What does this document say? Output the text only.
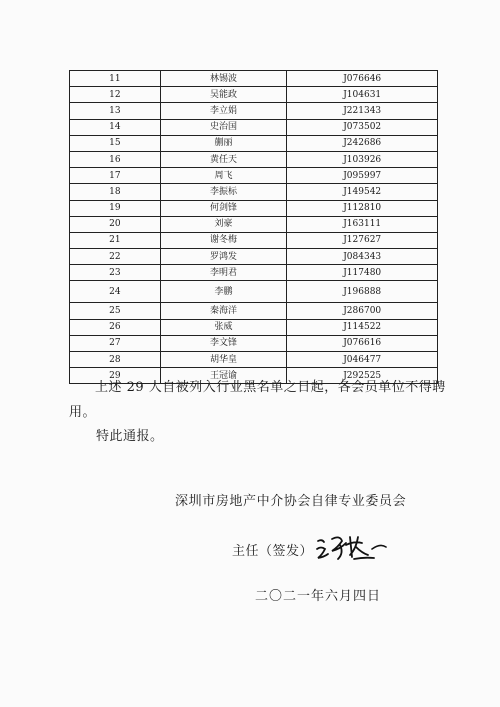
11	林锡波	J076646
12	吴能政	J104631
13	李立娟	J221343
14	史治国	J073502
15	蒯丽	J242686
16	黄任天	J103926
17	周飞	J095997
18	李振标	J149542
19	何剑锋	J112810
20	刘豪	J163111
21	谢冬梅	J127627
22	罗鸿发	J084343
23	李明君	J117480
24	李鹏	J196888
25	秦海洋	J286700
26	张威	J114522
27	李文锋	J076616
28	胡华皇	J046477
29	王冠谕	J292525
上述 29 人自被列入行业黑名单之日起，各会员单位不得聘用。
特此通报。
深圳市房地产中介协会自律专业委员会
主任（签发）
二〇二一年六月四日
